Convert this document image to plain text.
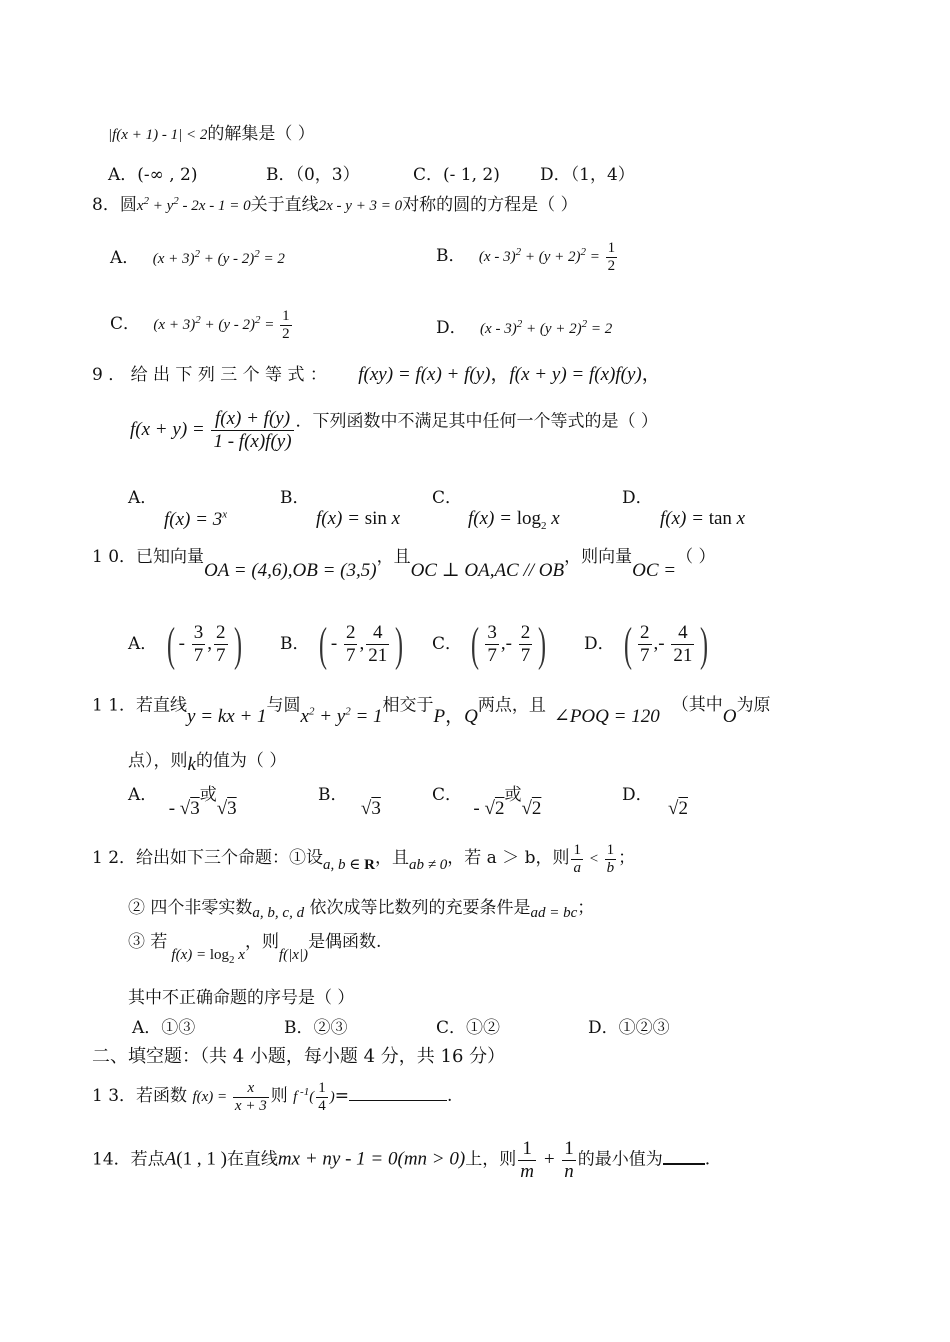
|f(x + 1) - 1| < 2的解集是（ ）
A．(-∞ , 2)	B．（0，3）	C．(- 1, 2) D．（1，4）
8．圆$x^2 + y^2 - 2x - 1 = 0$关于直线2x - y + 3 = 0对称的圆的方程是（ ）
A． $(x + 3)^2 + (y - 2)^2 = 2$	B． $(x - 3)^2 + (y + 2)^2 = \frac{1}{2}$
C． $(x + 3)^2 + (y - 2)^2 = \frac{1}{2}$	D． $(x - 3)^2 + (y + 2)^2 = 2$
9 ． 给 出 下 列 三 个 等 式 ： f(xy) = f(x) + f(y)，f(x + y) = f(x)f(y)，
$f(x + y) = \frac{f(x) + f(y)}{1 - f(x)f(y)}$ ．下列函数中不满足其中任何一个等式的是（ ）
A．
$f(x) = 3^x$
B．
f(x) = sin x
C．
$f(x) = \log_2 x$
D．
f(x) = tan x
1 0．已知向量OA = (4,6),OB = (3,5)，且OC ⊥ OA,AC // OB，则向量OC =（ ）
A． ( - $\frac{3}{7}$ , $\frac{2}{7}$ ) B． ( - $\frac{2}{7}$ , $\frac{4}{21}$ ) C． ( $\frac{3}{7}$ ,- $\frac{2}{7}$ ) D． ( $\frac{2}{7}$ ,- $\frac{4}{21}$ )
1 1．若直线y = kx + 1与圆$x^2 + y^2 = 1$相交于P，Q两点，且∠POQ = 120（其中O为原
点），则k的值为（ ）
A． - √3或√3
B． √3
C． - √2或√2
D． √2
1 2．给出如下三个命题：①设a, b ∈ R，且ab ≠ 0，若 a ＞ b，则 $\frac{1}{a} < \frac{1}{b}$ ；
② 四个非零实数a, b, c, d 依次成等比数列的充要条件是ad = bc；
③ 若$f(x) = \log_2 x$，则f(|x|)是偶函数.
其中不正确命题的序号是（ ）
A．①③	B．②③	C．①②	D．①②③
二、填空题：（共 4 小题，每小题 4 分，共 16 分）
1 3．若函数 $f(x) = \frac{x}{x + 3}$ 则 f $^{-1}( \frac{1}{4}$ )=	.
14．若点A(1 , 1 )在直线mx + ny - 1 = 0(mn > 0)上，则 $\frac{1}{m} + \frac{1}{n}$ 的最小值为 .
